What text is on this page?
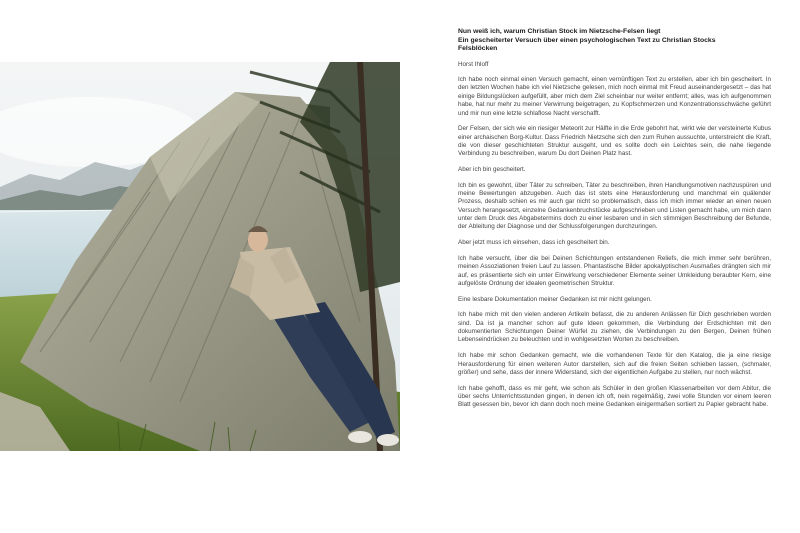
Nun weiß ich, warum Christian Stock im Nietzsche-Felsen liegt
Ein gescheiterter Versuch über einen psychologischen Text zu Christian Stocks
Felsblöcken
Horst Ihloff

Ich habe noch einmal einen Versuch gemacht, einen vernünftigen Text zu erstellen, aber ich bin gescheitert. In den letzten Wochen habe ich viel Nietzsche gelesen, mich noch einmal mit Freud auseinandergesetzt – das hat einige Bildungslücken aufgefüllt, aber mich dem Ziel scheinbar nur weiter entfernt; alles, was ich aufgenommen habe, hat nur mehr zu meiner Verwirrung beigetragen, zu Kopfschmerzen und Konzentrationsschwäche geführt und mir nun eine letzte schlaflose Nacht verschafft.

Der Felsen, der sich wie ein riesiger Meteorit zur Hälfte in die Erde gebohrt hat, wirkt wie der versteinerte Kubus einer archaischen Borg-Kultur. Dass Friedrich Nietzsche sich den zum Ruhen aussuchte, unterstreicht die Kraft, die von dieser geschichteten Struktur ausgeht, und es sollte doch ein Leichtes sein, die nahe liegende Verbindung zu beschreiben, warum Du dort Deinen Platz hast.

Aber ich bin gescheitert.

Ich bin es gewohnt, über Täter zu schreiben, Täter zu beschreiben, ihren Handlungsmotiven nachzuspüren und meine Bewertungen abzugeben. Auch das ist stets eine Herausforderung und manchmal ein quälender Prozess, deshalb schien es mir auch gar nicht so problematisch, dass ich mich immer wieder an einen neuen Versuch herangesetzt, einzelne Gedankenbruchstücke aufgeschrieben und Listen gemacht habe, um mich dann unter dem Druck des Abgabetermins doch zu einer lesbaren und in sich stimmigen Beschreibung der Befunde, der Ableitung der Diagnose und der Schlussfolgerungen durchzuringen.

Aber jetzt muss ich einsehen, dass ich gescheitert bin.

Ich habe versucht, über die bei Deinen Schichtungen entstandenen Reliefs, die mich immer sehr berühren, meinen Assoziationen freien Lauf zu lassen. Phantastische Bilder apokalyptischen Ausmaßes drängten sich mir auf, es präsentierte sich ein unter Einwirkung verschiedener Elemente seiner Umkleidung beraubter Kern, eine aufgelöste Ordnung der idealen geometrischen Struktur.

Eine lesbare Dokumentation meiner Gedanken ist mir nicht gelungen.

Ich habe mich mit den vielen anderen Artikeln befasst, die zu anderen Anlässen für Dich geschrieben worden sind. Da ist ja mancher schon auf gute Ideen gekommen, die Verbindung der Erdschichten mit den dokumentierten Schichtungen Deiner Würfel zu ziehen, die Verbindungen zu den Bergen, Deinen frühen Lebenseindrücken zu beleuchten und in wohlgesetzten Worten zu beschreiben.

Ich habe mir schon Gedanken gemacht, wie die vorhandenen Texte für den Katalog, die ja eine riesige Herausforderung für einen weiteren Autor darstellen, sich auf die freien Seiten schieben lassen, (schmaler, größer) und sehe, dass der innere Widerstand, sich der eigentlichen Aufgabe zu stellen, nur noch wächst.

Ich habe gehofft, dass es mir geht, wie schon als Schüler in den großen Klassenarbeiten vor dem Abitur, die über sechs Unterrichtsstunden gingen, in denen ich oft, nein regelmäßig, zwei volle Stunden vor einem leeren Blatt gesessen bin, bevor ich dann doch noch meine Gedanken einigermaßen sortiert zu Papier gebracht habe.
